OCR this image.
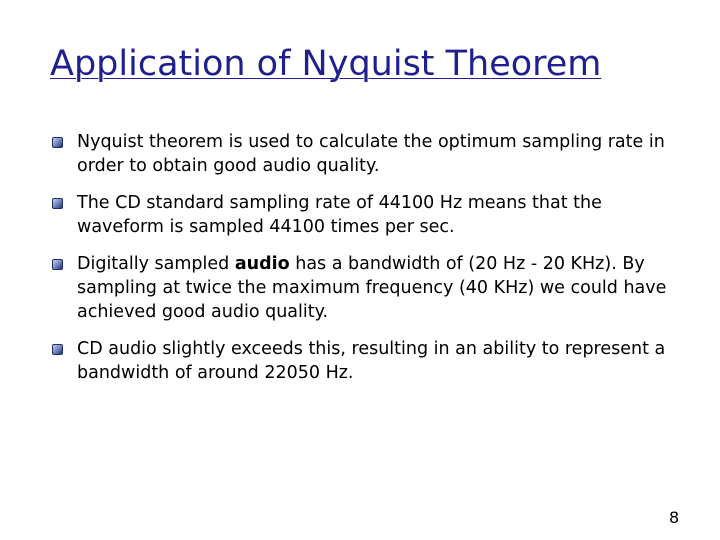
Application of Nyquist Theorem
Nyquist theorem is used to calculate the optimum sampling rate in order to obtain good audio quality.
The CD standard sampling rate of 44100 Hz means that the waveform is sampled 44100 times per sec.
Digitally sampled audio has a bandwidth of (20 Hz - 20 KHz). By sampling at twice the maximum frequency (40 KHz) we could have achieved good audio quality.
CD audio slightly exceeds this, resulting in an ability to represent a bandwidth of around 22050 Hz.
8
